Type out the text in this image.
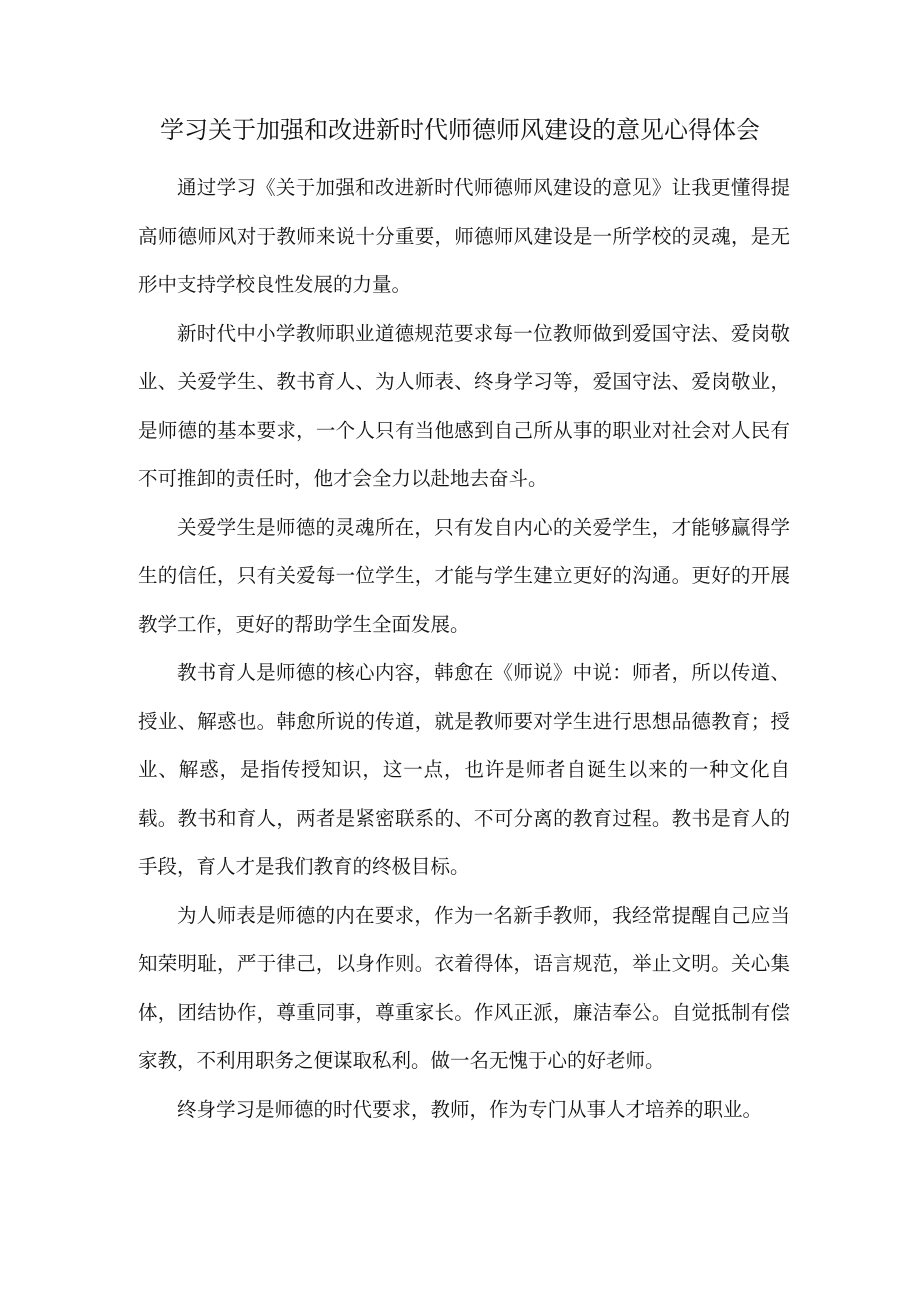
学习关于加强和改进新时代师德师风建设的意见心得体会

通过学习《关于加强和改进新时代师德师风建设的意见》让我更懂得提高师德师风对于教师来说十分重要，师德师风建设是一所学校的灵魂，是无形中支持学校良性发展的力量。

新时代中小学教师职业道德规范要求每一位教师做到爱国守法、爱岗敬业、关爱学生、教书育人、为人师表、终身学习等，爱国守法、爱岗敬业，是师德的基本要求，一个人只有当他感到自己所从事的职业对社会对人民有不可推卸的责任时，他才会全力以赴地去奋斗。

关爱学生是师德的灵魂所在，只有发自内心的关爱学生，才能够赢得学生的信任，只有关爱每一位学生，才能与学生建立更好的沟通。更好的开展教学工作，更好的帮助学生全面发展。

教书育人是师德的核心内容，韩愈在《师说》中说：师者，所以传道、授业、解惑也。韩愈所说的传道，就是教师要对学生进行思想品德教育；授业、解惑，是指传授知识，这一点，也许是师者自诞生以来的一种文化自载。教书和育人，两者是紧密联系的、不可分离的教育过程。教书是育人的手段，育人才是我们教育的终极目标。

为人师表是师德的内在要求，作为一名新手教师，我经常提醒自己应当知荣明耻，严于律己，以身作则。衣着得体，语言规范，举止文明。关心集体，团结协作，尊重同事，尊重家长。作风正派，廉洁奉公。自觉抵制有偿家教，不利用职务之便谋取私利。做一名无愧于心的好老师。

终身学习是师德的时代要求，教师，作为专门从事人才培养的职业。
